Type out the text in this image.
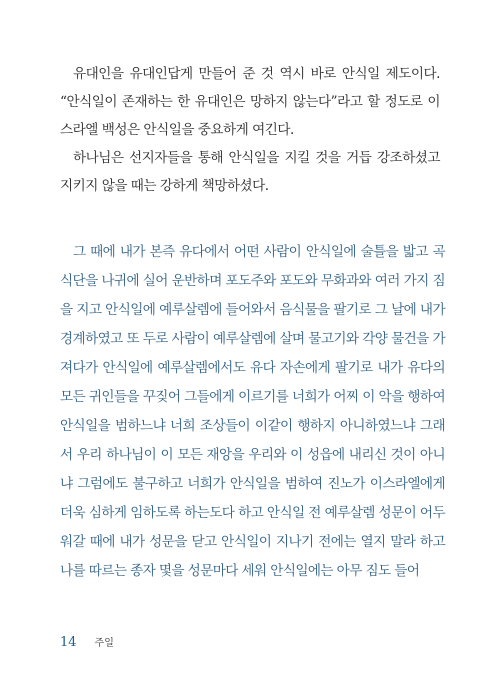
유대인을 유대인답게 만들어 준 것 역시 바로 안식일 제도이다. “안식일이 존재하는 한 유대인은 망하지 않는다”라고 할 정도로 이스라엘 백성은 안식일을 중요하게 여긴다.

하나님은 선지자들을 통해 안식일을 지킬 것을 거듭 강조하셨고 지키지 않을 때는 강하게 책망하셨다.

그 때에 내가 본즉 유다에서 어떤 사람이 안식일에 술틀을 밟고 곡식단을 나귀에 실어 운반하며 포도주와 포도와 무화과와 여러 가지 짐을 지고 안식일에 예루살렘에 들어와서 음식물을 팔기로 그 날에 내가 경계하였고 또 두로 사람이 예루살렘에 살며 물고기와 각양 물건을 가져다가 안식일에 예루살렘에서도 유다 자손에게 팔기로 내가 유다의 모든 귀인들을 꾸짖어 그들에게 이르기를 너희가 어찌 이 악을 행하여 안식일을 범하느냐 너희 조상들이 이같이 행하지 아니하였느냐 그래서 우리 하나님이 이 모든 재앙을 우리와 이 성읍에 내리신 것이 아니냐 그럼에도 불구하고 너희가 안식일을 범하여 진노가 이스라엘에게 더욱 심하게 임하도록 하는도다 하고 안식일 전 예루살렘 성문이 어두워갈 때에 내가 성문을 닫고 안식일이 지나기 전에는 열지 말라 하고 나를 따르는 종자 몇을 성문마다 세워 안식일에는 아무 짐도 들어

14 주일
